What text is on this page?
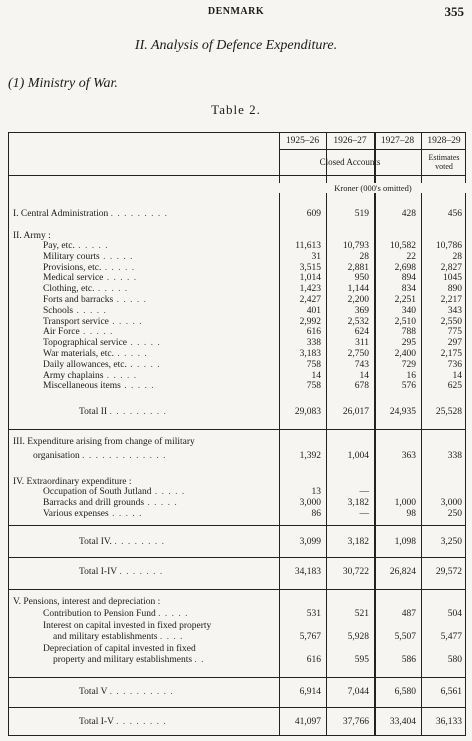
DENMARK	355
II. Analysis of Defence Expenditure.
(1) Ministry of War.
Table 2.
1925–26	1926–27	1927–28	1928–29
Closed Accounts	Estimates voted
Kroner (000's omitted)
I. Central Administration . . . . . . . . .	609	519	428	456
II. Army :
Pay, etc. . . . . .	11,613	10,793	10,582	10,786
Military courts . . . . .	31	28	22	28
Provisions, etc. . . . . .	3,515	2,881	2,698	2,827
Medical service . . . . .	1,014	950	894	1045
Clothing, etc. . . . . .	1,423	1,144	834	890
Forts and barracks . . . . .	2,427	2,200	2,251	2,217
Schools . . . . .	401	369	340	343
Transport service . . . . .	2,992	2,532	2,510	2,550
Air Force . . . . .	616	624	788	775
Topographical service . . . . .	338	311	295	297
War materials, etc. . . . . .	3,183	2,750	2,400	2,175
Daily allowances, etc. . . . . .	758	743	729	736
Army chaplains . . . . .	14	14	16	14
Miscellaneous items . . . . .	758	678	576	625
Total II . . . . . . . . .	29,083	26,017	24,935	25,528
III. Expenditure arising from change of military
organisation . . . . . . . . . . . . .	1,392	1,004	363	338
IV. Extraordinary expenditure :
Occupation of South Jutland . . . . .	13	—
Barracks and drill grounds . . . . .	3,000	3,182	1,000	3,000
Various expenses . . . . .	86	—	98	250
Total IV. . . . . . . . .	3,099	3,182	1,098	3,250
Total I-IV . . . . . . .	34,183	30,722	26,824	29,572
V. Pensions, interest and depreciation :
Contribution to Pension Fund . . . . .	531	521	487	504
Interest on capital invested in fixed property
and military establishments . . . .	5,767	5,928	5,507	5,477
Depreciation of capital invested in fixed
property and military establishments . .	616	595	586	580
Total V . . . . . . . . . .	6,914	7,044	6,580	6,561
Total I-V . . . . . . . .	41,097	37,766	33,404	36,133
